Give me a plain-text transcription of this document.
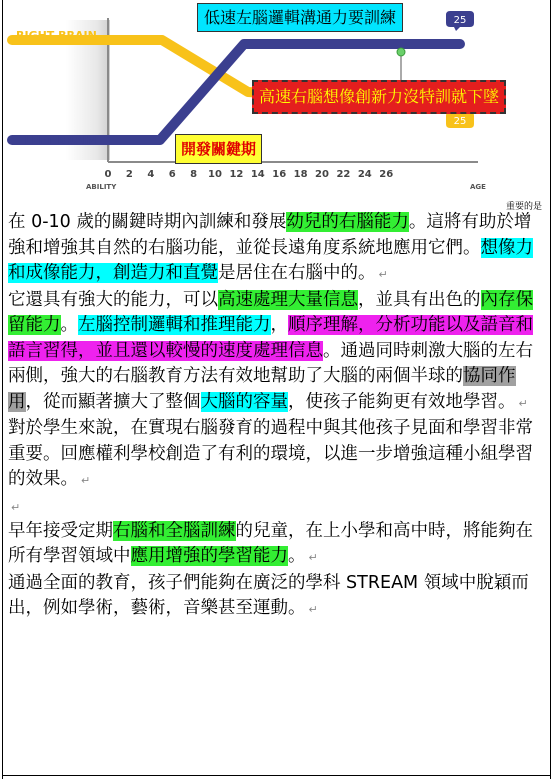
RIGHT BRAIN
LEFT BRAIN
25
25
0 2 4 6 8 10 12 14 16 18 20 22 24 26
ABILITY	AGE
低速左腦邏輯溝通力要訓練
高速右腦想像創新力沒特訓就下墜
開發關鍵期
重要的是

在 0-10 歲的關鍵時期內訓練和發展幼兒的右腦能力。這將有助於增強和增強其自然的右腦功能，並從長遠角度系統地應用它們。想像力和成像能力，創造力和直覺是居住在右腦中的。 ↵

它還具有強大的能力，可以高速處理大量信息，並具有出色的內存保留能力。左腦控制邏輯和推理能力，順序理解，分析功能以及語音和語言習得，並且還以較慢的速度處理信息。通過同時刺激大腦的左右兩側，強大的右腦教育方法有效地幫助了大腦的兩個半球的協同作用，從而顯著擴大了整個大腦的容量，使孩子能夠更有效地學習。 ↵

對於學生來說，在實現右腦發育的過程中與其他孩子見面和學習非常重要。回應權利學校創造了有利的環境，以進一步增強這種小組學習的效果。 ↵

↵

早年接受定期右腦和全腦訓練的兒童，在上小學和高中時，將能夠在所有學習領域中應用增強的學習能力。 ↵

通過全面的教育，孩子們能夠在廣泛的學科 STREAM 領域中脫穎而出，例如學術，藝術，音樂甚至運動。 ↵
